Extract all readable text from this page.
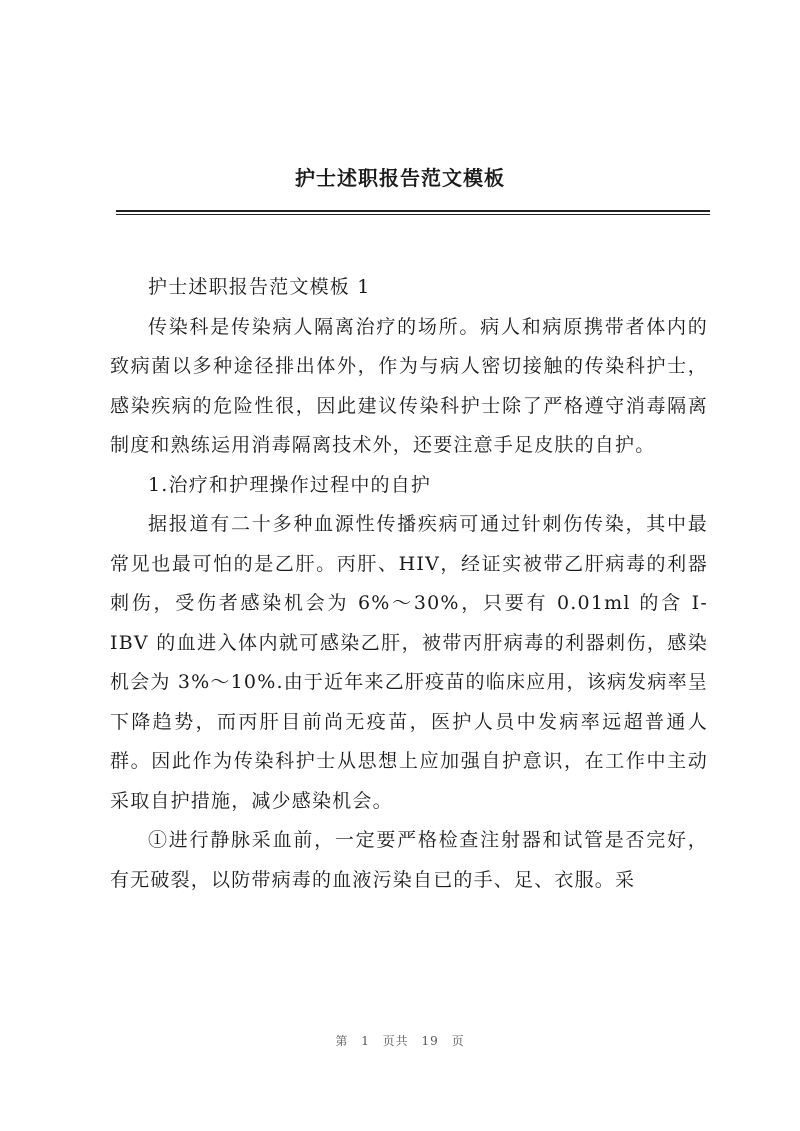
护士述职报告范文模板

护士述职报告范文模板 1

传染科是传染病人隔离治疗的场所。病人和病原携带者体内的致病菌以多种途径排出体外，作为与病人密切接触的传染科护士，感染疾病的危险性很，因此建议传染科护士除了严格遵守消毒隔离制度和熟练运用消毒隔离技术外，还要注意手足皮肤的自护。

1.治疗和护理操作过程中的自护

据报道有二十多种血源性传播疾病可通过针刺伤传染，其中最常见也最可怕的是乙肝。丙肝、HIV，经证实被带乙肝病毒的利器刺伤，受伤者感染机会为 6%～30%，只要有 0.01ml 的含 I-IBV 的血进入体内就可感染乙肝，被带丙肝病毒的利器刺伤，感染机会为 3%～10%.由于近年来乙肝疫苗的临床应用，该病发病率呈下降趋势，而丙肝目前尚无疫苗，医护人员中发病率远超普通人群。因此作为传染科护士从思想上应加强自护意识，在工作中主动采取自护措施，减少感染机会。

①进行静脉采血前，一定要严格检查注射器和试管是否完好，有无破裂，以防带病毒的血液污染自已的手、足、衣服。采

第 1 页共 19 页
